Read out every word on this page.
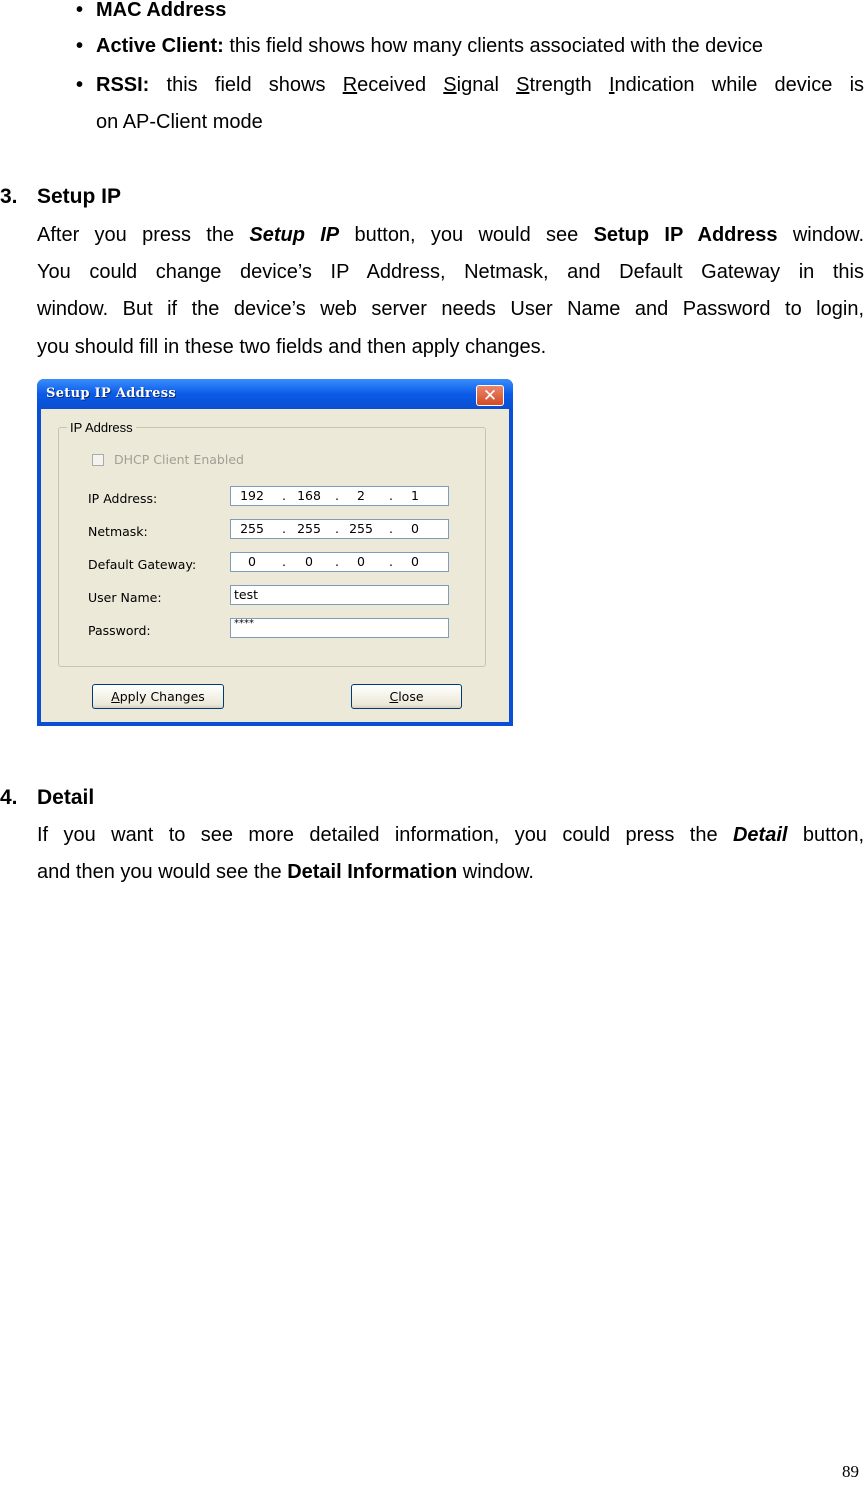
• MAC Address
• Active Client: this field shows how many clients associated with the device
• RSSI: this field shows Received Signal Strength Indication while device is
on AP-Client mode
3. Setup IP
After you press the Setup IP button, you would see Setup IP Address window.
You could change device’s IP Address, Netmask, and Default Gateway in this
window. But if the device’s web server needs User Name and Password to login,
you should fill in these two fields and then apply changes.
Setup IP Address	✕
IP Address
DHCP Client Enabled
IP Address:	192	. 168	.	2	.	1
Netmask:	255	. 255	. 255	.	0
Default Gateway:	0	.	0	.	0	.	0
User Name:	test
Password:	****
Apply Changes	Close
4. Detail
If you want to see more detailed information, you could press the Detail button,
and then you would see the Detail Information window.
89
